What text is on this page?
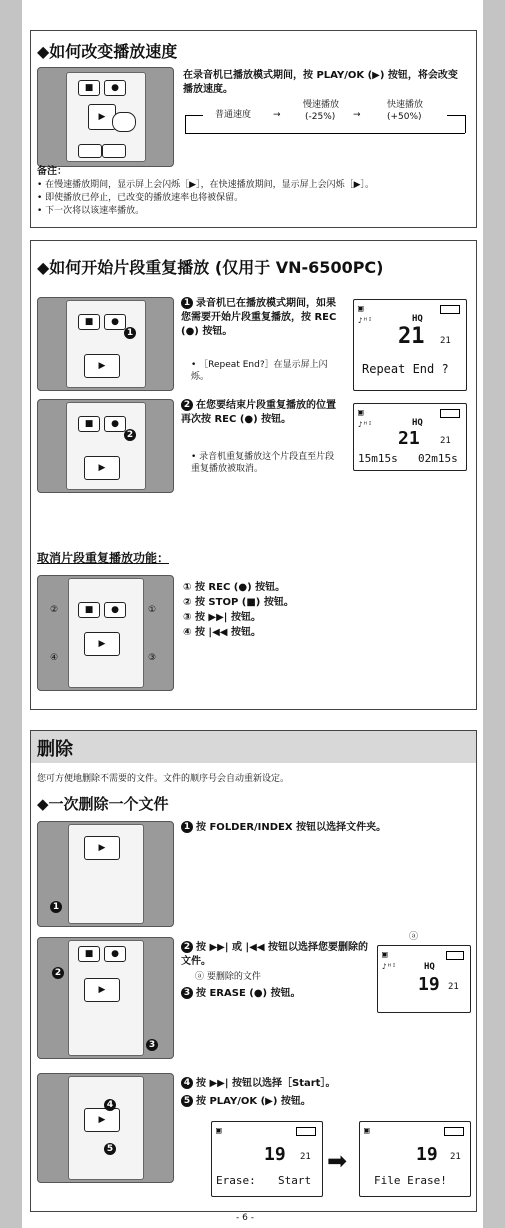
◆如何改变播放速度
■	●
▶
在录音机已播放模式期间，按 PLAY/OK (▶) 按钮，将会改变播放速度。
普通速度 →
慢速播放
(-25%) →
快速播放
(+50%)
备注：
• 在慢速播放期间，显示屏上会闪烁［▶］，在快速播放期间，显示屏上会闪烁［▶］。
• 即使播放已停止，已改变的播放速率也将被保留。
• 下一次将以该速率播放。
◆如何开始片段重复播放 (仅用于 VN-6500PC)
■	●
▶
1
1 录音机已在播放模式期间，如果您需要开始片段重复播放，按 REC (●) 按钮。
• ［Repeat End?］在显示屏上闪烁。
▣
♪ᴴᴵ	HQ
21 21
Repeat End ?
■	●
▶
2
2 在您要结束片段重复播放的位置再次按 REC (●) 按钮。
• 录音机重复播放这个片段直至片段重复播放被取消。
▣
♪ᴴᴵ	HQ
21 21
15m15s 02m15s
取消片段重复播放功能：
■	●
▶
②	①
④	③
① 按 REC (●) 按钮。
② 按 STOP (■) 按钮。
③ 按 ▶▶| 按钮。
④ 按 |◀◀ 按钮。
删除
您可方便地删除不需要的文件。文件的顺序号会自动重新设定。
◆一次删除一个文件
▶
1
1 按 FOLDER/INDEX 按钮以选择文件夹。
■	●
▶
2
3
2 按 ▶▶| 或 |◀◀ 按钮以选择您要删除的文件。
ⓐ 要删除的文件
3 按 ERASE (●) 按钮。
ⓐ
▣
♪ᴴᴵ	HQ
19 21
▶
4
5
4 按 ▶▶| 按钮以选择［Start］。
5 按 PLAY/OK (▶) 按钮。
▣
19 21
Erase: Start
➡
▣
19 21
File Erase!
- 6 -
